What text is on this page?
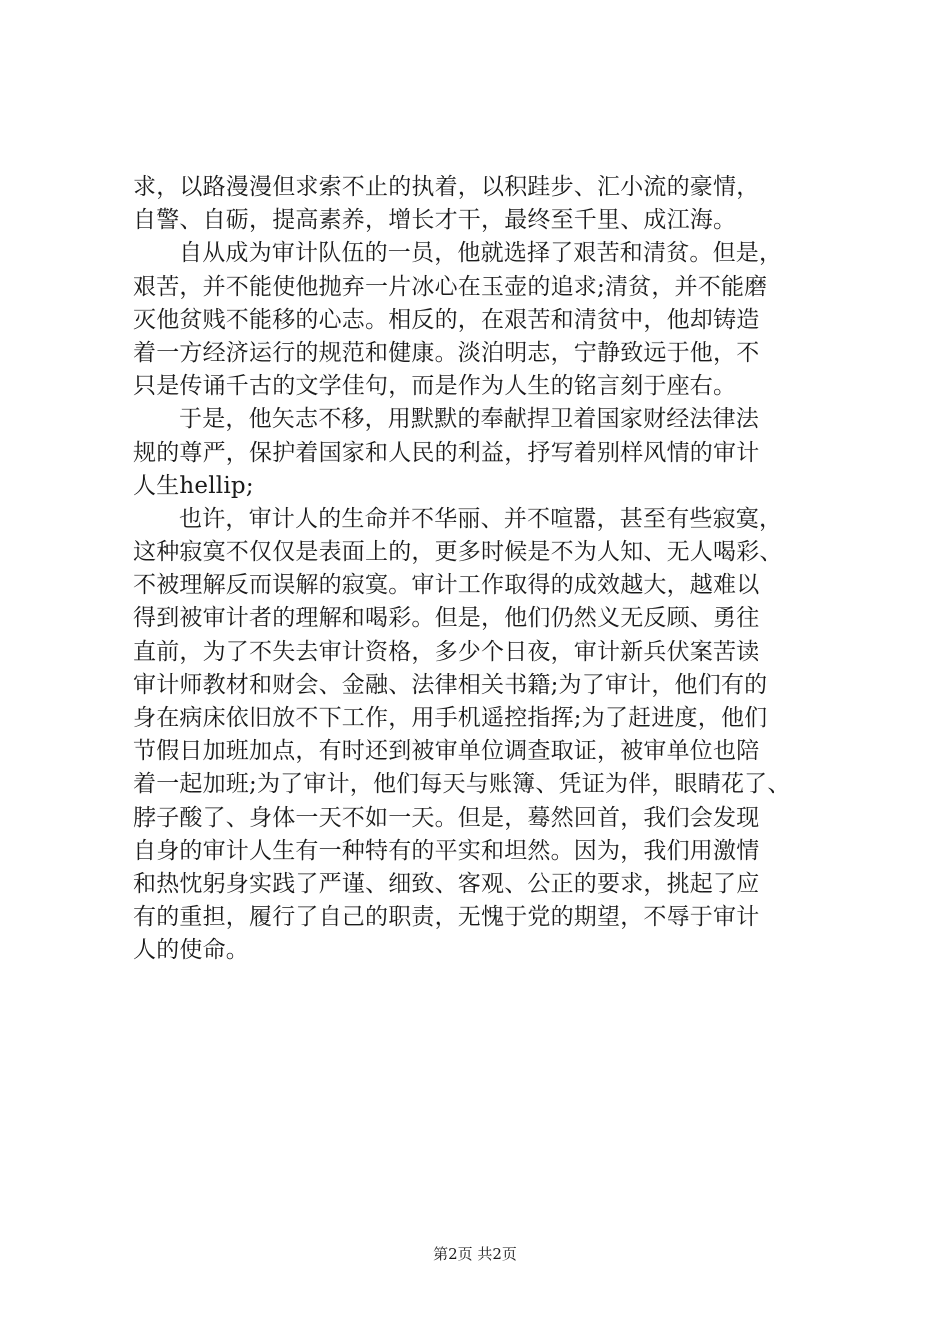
求，以路漫漫但求索不止的执着，以积跬步、汇小流的豪情，
自警、自砺，提高素养，增长才干，最终至千里、成江海。
自从成为审计队伍的一员，他就选择了艰苦和清贫。但是，
艰苦，并不能使他抛弃一片冰心在玉壶的追求;清贫，并不能磨
灭他贫贱不能移的心志。相反的，在艰苦和清贫中，他却铸造
着一方经济运行的规范和健康。淡泊明志，宁静致远于他，不
只是传诵千古的文学佳句，而是作为人生的铭言刻于座右。
于是，他矢志不移，用默默的奉献捍卫着国家财经法律法
规的尊严，保护着国家和人民的利益，抒写着别样风情的审计
人生hellip;
也许，审计人的生命并不华丽、并不喧嚣，甚至有些寂寞，
这种寂寞不仅仅是表面上的，更多时候是不为人知、无人喝彩、
不被理解反而误解的寂寞。审计工作取得的成效越大，越难以
得到被审计者的理解和喝彩。但是，他们仍然义无反顾、勇往
直前，为了不失去审计资格，多少个日夜，审计新兵伏案苦读
审计师教材和财会、金融、法律相关书籍;为了审计，他们有的
身在病床依旧放不下工作，用手机遥控指挥;为了赶进度，他们
节假日加班加点，有时还到被审单位调查取证，被审单位也陪
着一起加班;为了审计，他们每天与账簿、凭证为伴，眼睛花了、
脖子酸了、身体一天不如一天。但是，蓦然回首，我们会发现
自身的审计人生有一种特有的平实和坦然。因为，我们用激情
和热忱躬身实践了严谨、细致、客观、公正的要求，挑起了应
有的重担，履行了自己的职责，无愧于党的期望，不辱于审计
人的使命。
第2页 共2页
